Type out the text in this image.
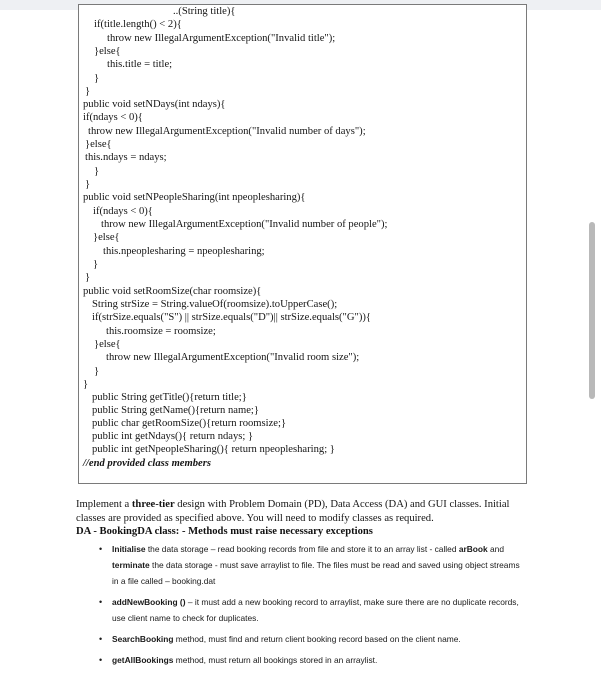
..(String title){
if(title.length() < 2){
throw new IllegalArgumentException("Invalid title");
}else{
this.title = title;
}
}
public void setNDays(int ndays){
if(ndays < 0){
throw new IllegalArgumentException("Invalid number of days");
}else{
this.ndays = ndays;
}
}
public void setNPeopleSharing(int npeoplesharing){
if(ndays < 0){
throw new IllegalArgumentException("Invalid number of people");
}else{
this.npeoplesharing = npeoplesharing;
}
}
public void setRoomSize(char roomsize){
String strSize = String.valueOf(roomsize).toUpperCase();
if(strSize.equals("S") || strSize.equals("D")|| strSize.equals("G")){
this.roomsize = roomsize;
}else{
throw new IllegalArgumentException("Invalid room size");
}
}
public String getTitle(){return title;}
public String getName(){return name;}
public char getRoomSize(){return roomsize;}
public int getNdays(){ return ndays; }
public int getNpeopleSharing(){ return npeoplesharing; }
//end provided class members

Implement a three-tier design with Problem Domain (PD), Data Access (DA) and GUI classes. Initial classes are provided as specified above. You will need to modify classes as required.

DA - BookingDA class: - Methods must raise necessary exceptions

• Initialise the data storage – read booking records from file and store it to an array list - called arBook and terminate the data storage - must save arraylist to file. The files must be read and saved using object streams in a file called – booking.dat
• addNewBooking () – it must add a new booking record to arraylist, make sure there are no duplicate records, use client name to check for duplicates.
• SearchBooking method, must find and return client booking record based on the client name.
• getAllBookings method, must return all bookings stored in an arraylist.
